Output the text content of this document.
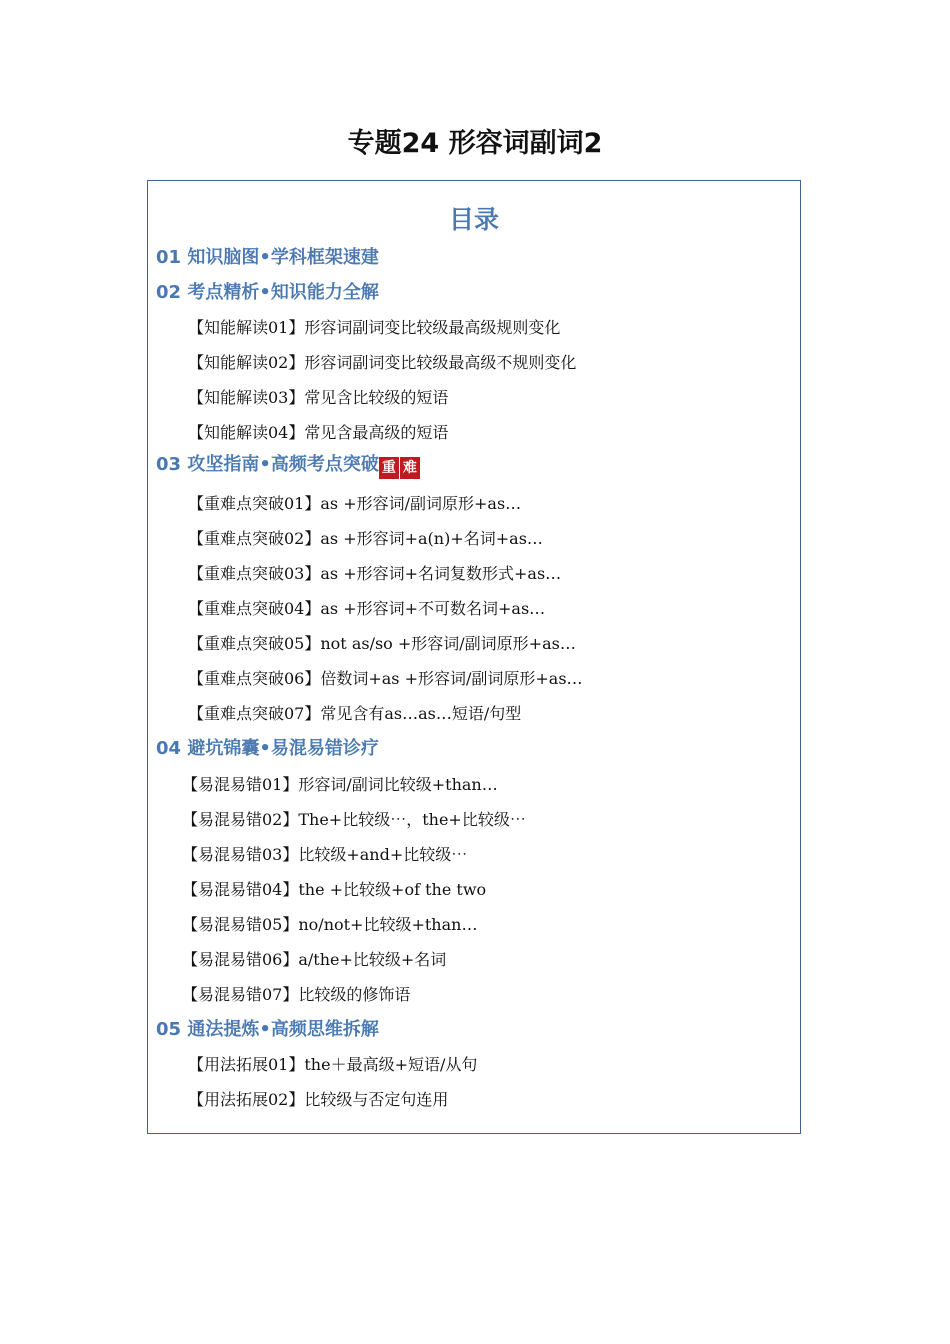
专题24 形容词副词2
目录
01 知识脑图•学科框架速建
02 考点精析•知识能力全解
【知能解读01】形容词副词变比较级最高级规则变化
【知能解读02】形容词副词变比较级最高级不规则变化
【知能解读03】常见含比较级的短语
【知能解读04】常见含最高级的短语
03 攻坚指南•高频考点突破 重 难
【重难点突破01】as +形容词/副词原形+as…
【重难点突破02】as +形容词+a(n)+名词+as…
【重难点突破03】as +形容词+名词复数形式+as…
【重难点突破04】as +形容词+不可数名词+as…
【重难点突破05】not as/so +形容词/副词原形+as…
【重难点突破06】倍数词+as +形容词/副词原形+as…
【重难点突破07】常见含有as…as…短语/句型
04 避坑锦囊•易混易错诊疗
【易混易错01】形容词/副词比较级+than…
【易混易错02】The+比较级⋯，the+比较级⋯
【易混易错03】比较级+and+比较级⋯
【易混易错04】the +比较级+of the two
【易混易错05】no/not+比较级+than…
【易混易错06】a/the+比较级+名词
【易混易错07】比较级的修饰语
05 通法提炼•高频思维拆解
【用法拓展01】the＋最高级+短语/从句
【用法拓展02】比较级与否定句连用
